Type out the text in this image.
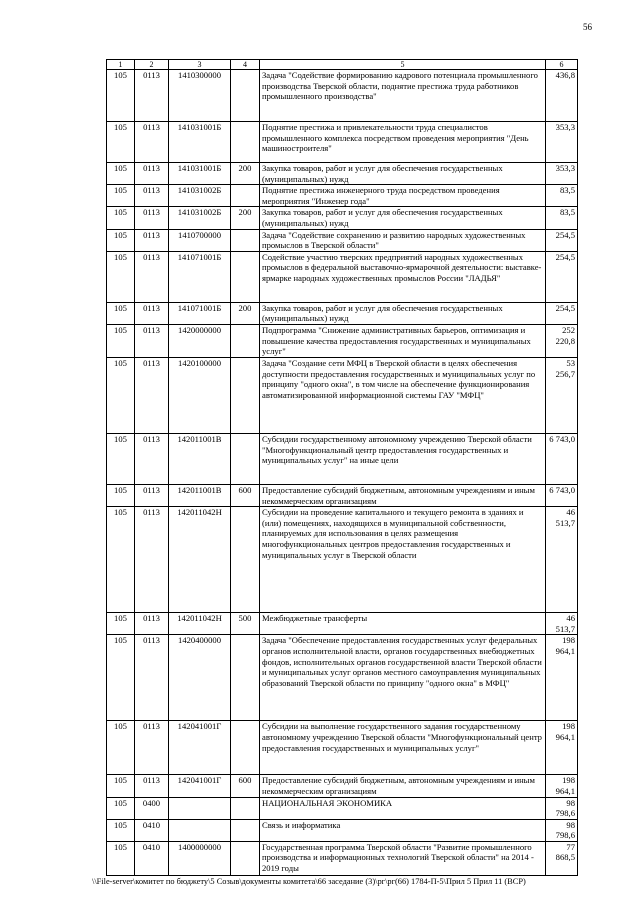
56
1	2	3	4	5	6
105	0113	1410300000		Задача "Содействие формированию кадрового потенциала промышленного производства Тверской области, поднятие престижа труда работников промышленного производства"	436,8
105	0113	141031001Б		Поднятие престижа и привлекательности труда специалистов промышленного комплекса посредством проведения мероприятия "День машиностроителя"	353,3
105	0113	141031001Б	200	Закупка товаров, работ и услуг для обеспечения государственных (муниципальных) нужд	353,3
105	0113	141031002Б		Поднятие престижа инженерного труда посредством проведения мероприятия "Инженер года"	83,5
105	0113	141031002Б	200	Закупка товаров, работ и услуг для обеспечения государственных (муниципальных) нужд	83,5
105	0113	1410700000		Задача "Содействие сохранению и развитию народных художественных промыслов в Тверской области"	254,5
105	0113	141071001Б		Содействие участию тверских предприятий народных художественных промыслов в федеральной выставочно-ярмарочной деятельности: выставке-ярмарке народных художественных промыслов России "ЛАДЬЯ"	254,5
105	0113	141071001Б	200	Закупка товаров, работ и услуг для обеспечения государственных (муниципальных) нужд	254,5
105	0113	1420000000		Подпрограмма "Снижение административных барьеров, оптимизация и повышение качества предоставления государственных и муниципальных услуг"	252 220,8
105	0113	1420100000		Задача "Создание сети МФЦ в Тверской области в целях обеспечения доступности предоставления государственных и муниципальных услуг по принципу "одного окна", в том числе на обеспечение функционирования автоматизированной информационной системы ГАУ "МФЦ"	53 256,7
105	0113	142011001В		Субсидии государственному автономному учреждению Тверской области "Многофункциональный центр предоставления государственных и муниципальных услуг" на иные цели	6 743,0
105	0113	142011001В	600	Предоставление субсидий бюджетным, автономным учреждениям и иным некоммерческим организациям	6 743,0
105	0113	142011042Н		Субсидии на проведение капитального и текущего ремонта в зданиях и (или) помещениях, находящихся в муниципальной собственности, планируемых для использования в целях размещения многофункциональных центров предоставления государственных и муниципальных услуг в Тверской области	46 513,7
105	0113	142011042Н	500	Межбюджетные трансферты	46 513,7
105	0113	1420400000		Задача "Обеспечение предоставления государственных услуг федеральных органов исполнительной власти, органов государственных внебюджетных фондов, исполнительных органов государственной власти Тверской области и муниципальных услуг органов местного самоуправления муниципальных образований Тверской области по принципу "одного окна" в МФЦ"	198 964,1
105	0113	142041001Г		Субсидии на выполнение государственного задания государственному автономному учреждению Тверской области "Многофункциональный центр предоставления государственных и муниципальных услуг"	198 964,1
105	0113	142041001Г	600	Предоставление субсидий бюджетным, автономным учреждениям и иным некоммерческим организациям	198 964,1
105	0400			НАЦИОНАЛЬНАЯ ЭКОНОМИКА	98 798,6
105	0410			Связь и информатика	98 798,6
105	0410	1400000000		Государственная программа Тверской области "Развитие промышленного производства и информационных технологий Тверской области" на 2014 - 2019 годы	77 868,5
\\File-server\комитет по бюджету\5 Созыв\документы комитета\66 заседание (3)\рг\рг(66) 1784-П-5\Прил 5 Прил 11 (ВСР)
